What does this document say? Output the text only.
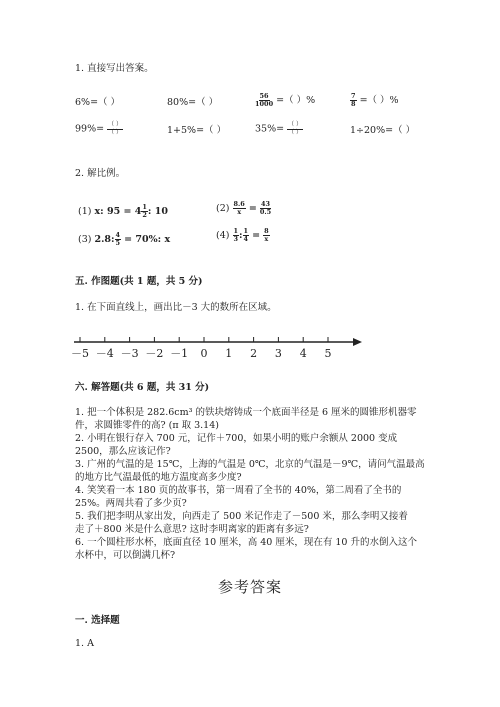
1. 直接写出答案。
6%=（ ）	80%=（ ）	$\frac{56}{1000}$ =（ ）%	$\frac{7}{8}$ =（ ）%
$99\%= \frac{( )}{( )}$	1+5%=（ ）	$35\%= \frac{( )}{( )}$	1÷20%=（ ）
2. 解比例。
(1) x: $95 = 4 \frac{1}{2}$ : 10	$(2) \frac{8.6}{x} = \frac{43}{0.5}$
(3) 2.8: $\frac{4}{5} = 70\%$: x	$(4) \frac{1}{3}$ : $\frac{1}{4} = \frac{8}{x}$
五. 作图题(共 1 题，共 5 分)
1. 在下面直线上，画出比－3 大的数所在区域。
－5 －4 －3 －2 －1 0 1 2 3 4 5
六. 解答题(共 6 题，共 31 分)
1. 把一个体积是 282.6cm³ 的铁块熔铸成一个底面半径是 6 厘米的圆锥形机器零
件，求圆锥零件的高? (π 取 3.14)
2. 小明在银行存入 700 元，记作＋700，如果小明的账户余额从 2000 变成
2500，那么应该记作?
3. 广州的气温的是 15℃，上海的气温是 0℃，北京的气温是－9℃，请问气温最高
的地方比气温最低的地方温度高多少度?
4. 笑笑看一本 180 页的故事书，第一周看了全书的 40%，第二周看了全书的
25%。两周共看了多少页?
5. 我们把李明从家出发，向西走了 500 米记作走了－500 米，那么李明又接着
走了＋800 米是什么意思? 这时李明离家的距离有多远?
6. 一个圆柱形水杯，底面直径 10 厘米，高 40 厘米，现在有 10 升的水倒入这个
水杯中，可以倒满几杯?
参考答案
一. 选择题
1. A
